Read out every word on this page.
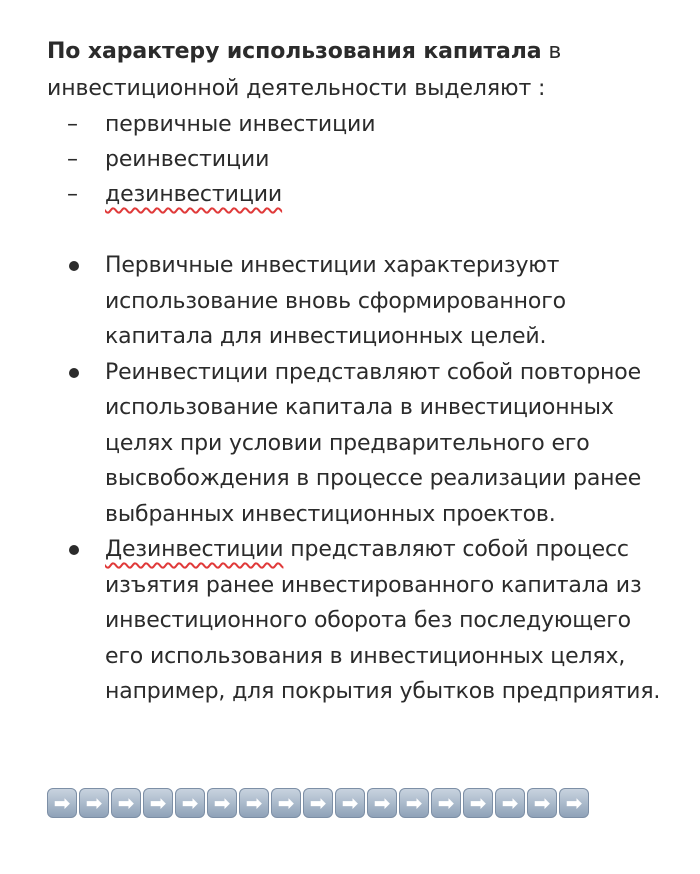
По характеру использования капитала в инвестиционной деятельности выделяют :

– первичные инвестиции
– реинвестиции
– дезинвестиции
Первичные инвестиции характеризуют использование вновь сформированного капитала для инвестиционных целей.
Реинвестиции представляют собой повторное использование капитала в инвестиционных целях при условии предварительного его высвобождения в процессе реализации ранее выбранных инвестиционных проектов.
Дезинвестиции представляют собой процесс изъятия ранее инвестированного капитала из инвестиционного оборота без последующего его использования в инвестиционных целях, например, для покрытия убытков предприятия.
➡ ➡ ➡ ➡ ➡ ➡ ➡ ➡ ➡ ➡ ➡ ➡ ➡ ➡ ➡ ➡ ➡
